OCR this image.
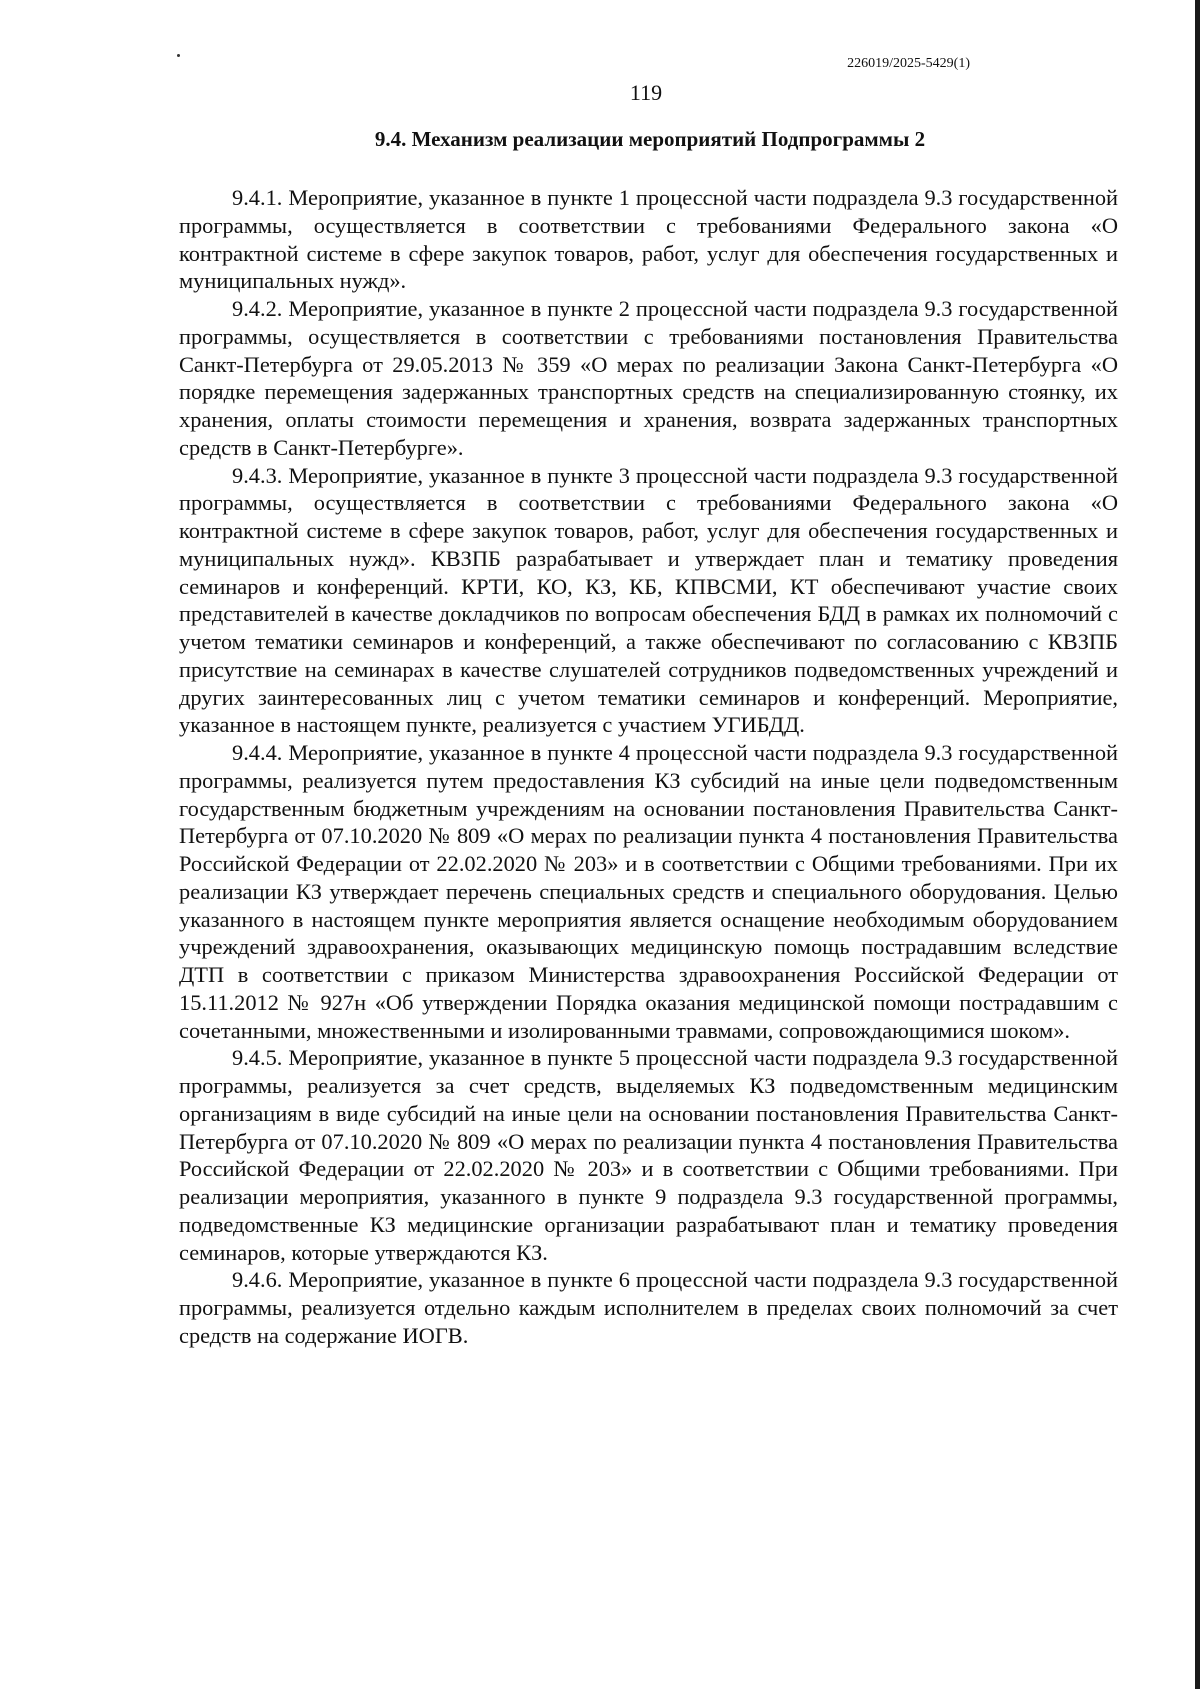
226019/2025-5429(1)
119
9.4. Механизм реализации мероприятий Подпрограммы 2

9.4.1. Мероприятие, указанное в пункте 1 процессной части подраздела 9.3 государственной программы, осуществляется в соответствии с требованиями Федерального закона «О контрактной системе в сфере закупок товаров, работ, услуг для обеспечения государственных и муниципальных нужд».

9.4.2. Мероприятие, указанное в пункте 2 процессной части подраздела 9.3 государственной программы, осуществляется в соответствии с требованиями постановления Правительства Санкт-Петербурга от 29.05.2013 № 359 «О мерах по реализации Закона Санкт-Петербурга «О порядке перемещения задержанных транспортных средств на специализированную стоянку, их хранения, оплаты стоимости перемещения и хранения, возврата задержанных транспортных средств в Санкт-Петербурге».

9.4.3. Мероприятие, указанное в пункте 3 процессной части подраздела 9.3 государственной программы, осуществляется в соответствии с требованиями Федерального закона «О контрактной системе в сфере закупок товаров, работ, услуг для обеспечения государственных и муниципальных нужд». КВЗПБ разрабатывает и утверждает план и тематику проведения семинаров и конференций. КРТИ, КО, КЗ, КБ, КПВСМИ, КТ обеспечивают участие своих представителей в качестве докладчиков по вопросам обеспечения БДД в рамках их полномочий с учетом тематики семинаров и конференций, а также обеспечивают по согласованию с КВЗПБ присутствие на семинарах в качестве слушателей сотрудников подведомственных учреждений и других заинтересованных лиц с учетом тематики семинаров и конференций. Мероприятие, указанное в настоящем пункте, реализуется с участием УГИБДД.

9.4.4. Мероприятие, указанное в пункте 4 процессной части подраздела 9.3 государственной программы, реализуется путем предоставления КЗ субсидий на иные цели подведомственным государственным бюджетным учреждениям на основании постановления Правительства Санкт-Петербурга от 07.10.2020 № 809 «О мерах по реализации пункта 4 постановления Правительства Российской Федерации от 22.02.2020 № 203» и в соответствии с Общими требованиями. При их реализации КЗ утверждает перечень специальных средств и специального оборудования. Целью указанного в настоящем пункте мероприятия является оснащение необходимым оборудованием учреждений здравоохранения, оказывающих медицинскую помощь пострадавшим вследствие ДТП в соответствии с приказом Министерства здравоохранения Российской Федерации от 15.11.2012 № 927н «Об утверждении Порядка оказания медицинской помощи пострадавшим с сочетанными, множественными и изолированными травмами, сопровождающимися шоком».

9.4.5. Мероприятие, указанное в пункте 5 процессной части подраздела 9.3 государственной программы, реализуется за счет средств, выделяемых КЗ подведомственным медицинским организациям в виде субсидий на иные цели на основании постановления Правительства Санкт-Петербурга от 07.10.2020 № 809 «О мерах по реализации пункта 4 постановления Правительства Российской Федерации от 22.02.2020 № 203» и в соответствии с Общими требованиями. При реализации мероприятия, указанного в пункте 9 подраздела 9.3 государственной программы, подведомственные КЗ медицинские организации разрабатывают план и тематику проведения семинаров, которые утверждаются КЗ.

9.4.6. Мероприятие, указанное в пункте 6 процессной части подраздела 9.3 государственной программы, реализуется отдельно каждым исполнителем в пределах своих полномочий за счет средств на содержание ИОГВ.
